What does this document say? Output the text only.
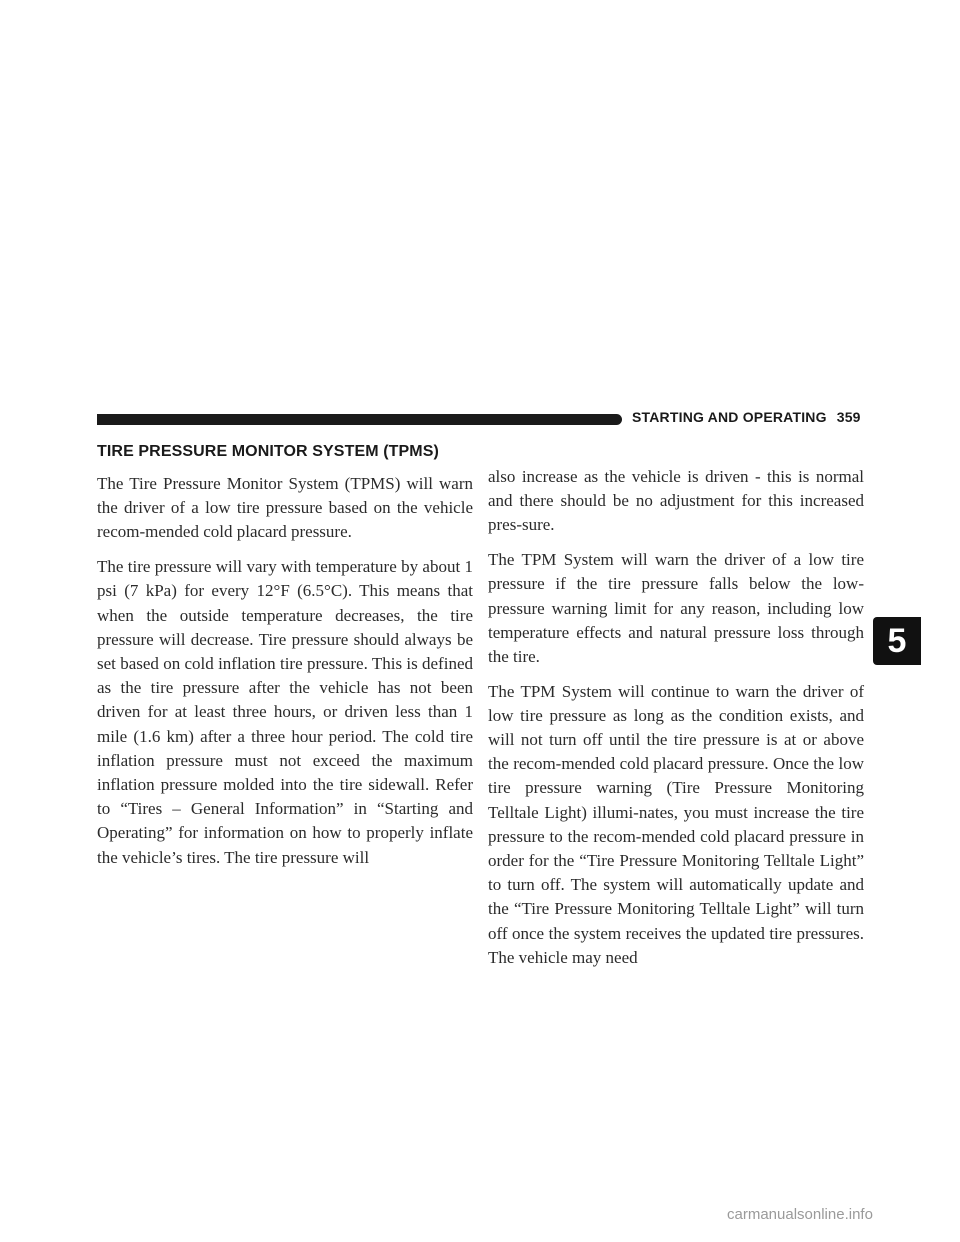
STARTING AND OPERATING 359
TIRE PRESSURE MONITOR SYSTEM (TPMS)

The Tire Pressure Monitor System (TPMS) will warn the driver of a low tire pressure based on the vehicle recom-mended cold placard pressure.

The tire pressure will vary with temperature by about 1 psi (7 kPa) for every 12°F (6.5°C). This means that when the outside temperature decreases, the tire pressure will decrease. Tire pressure should always be set based on cold inflation tire pressure. This is defined as the tire pressure after the vehicle has not been driven for at least three hours, or driven less than 1 mile (1.6 km) after a three hour period. The cold tire inflation pressure must not exceed the maximum inflation pressure molded into the tire sidewall. Refer to “Tires – General Information” in “Starting and Operating” for information on how to properly inflate the vehicle’s tires. The tire pressure will

also increase as the vehicle is driven - this is normal and there should be no adjustment for this increased pres-sure.

The TPM System will warn the driver of a low tire pressure if the tire pressure falls below the low-pressure warning limit for any reason, including low temperature effects and natural pressure loss through the tire.

The TPM System will continue to warn the driver of low tire pressure as long as the condition exists, and will not turn off until the tire pressure is at or above the recom-mended cold placard pressure. Once the low tire pressure warning (Tire Pressure Monitoring Telltale Light) illumi-nates, you must increase the tire pressure to the recom-mended cold placard pressure in order for the “Tire Pressure Monitoring Telltale Light” to turn off. The system will automatically update and the “Tire Pressure Monitoring Telltale Light” will turn off once the system receives the updated tire pressures. The vehicle may need

5
carmanualsonline.info
